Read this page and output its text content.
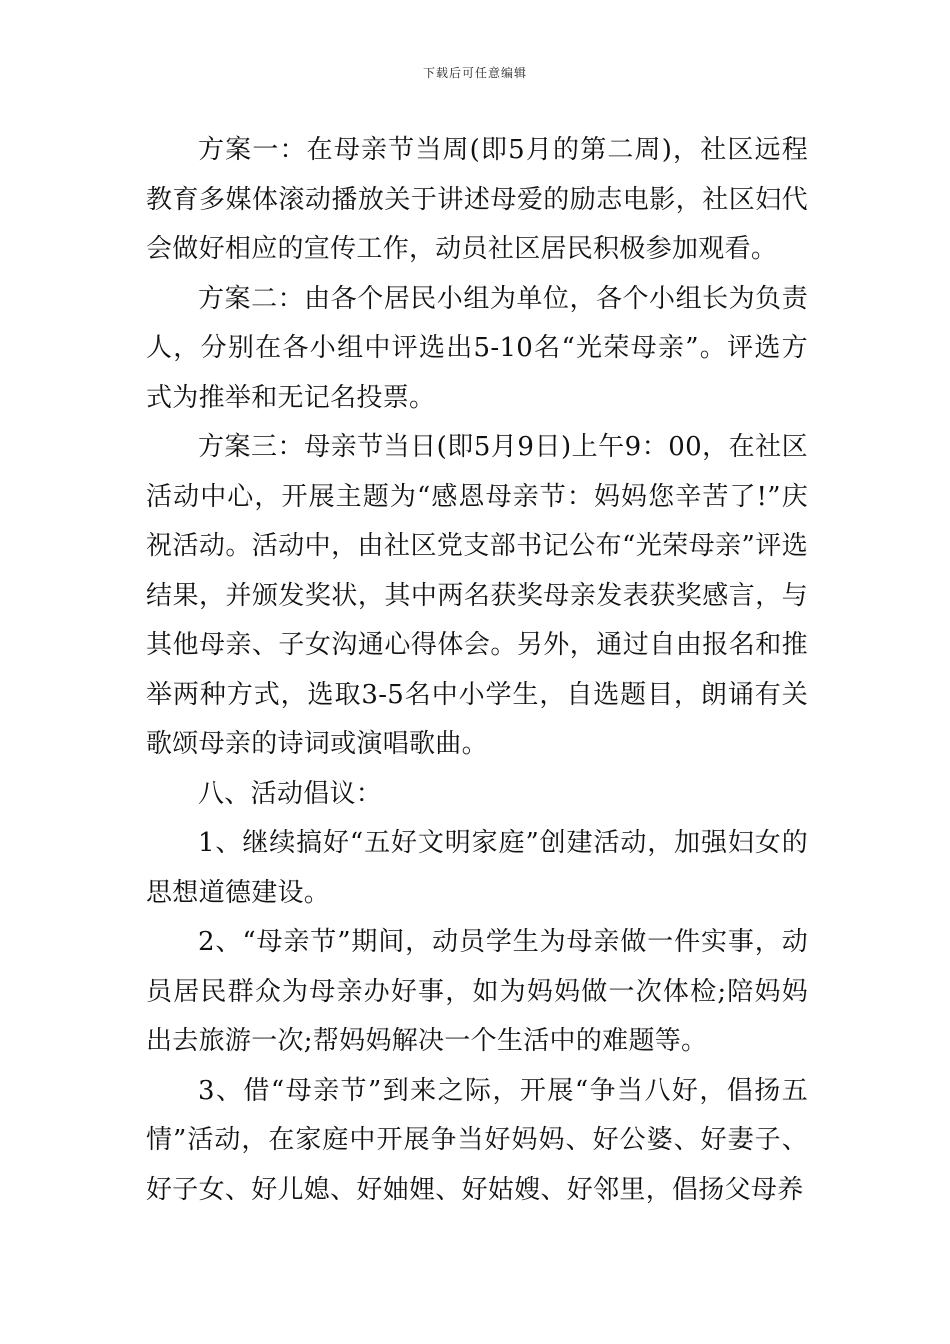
下载后可任意编辑

方案一：在母亲节当周(即5月的第二周)，社区远程教育多媒体滚动播放关于讲述母爱的励志电影，社区妇代会做好相应的宣传工作，动员社区居民积极参加观看。

方案二：由各个居民小组为单位，各个小组长为负责人，分别在各小组中评选出5-10名“光荣母亲”。评选方式为推举和无记名投票。

方案三：母亲节当日(即5月9日)上午9：00，在社区活动中心，开展主题为“感恩母亲节：妈妈您辛苦了!”庆祝活动。活动中，由社区党支部书记公布“光荣母亲”评选结果，并颁发奖状，其中两名获奖母亲发表获奖感言，与其他母亲、子女沟通心得体会。另外，通过自由报名和推举两种方式，选取3-5名中小学生，自选题目，朗诵有关歌颂母亲的诗词或演唱歌曲。

八、活动倡议：

1、继续搞好“五好文明家庭”创建活动，加强妇女的思想道德建设。

2、“母亲节”期间，动员学生为母亲做一件实事，动员居民群众为母亲办好事，如为妈妈做一次体检;陪妈妈出去旅游一次;帮妈妈解决一个生活中的难题等。

3、借“母亲节”到来之际，开展“争当八好，倡扬五情”活动，在家庭中开展争当好妈妈、好公婆、好妻子、好子女、好儿媳、好妯娌、好姑嫂、好邻里，倡扬父母养
